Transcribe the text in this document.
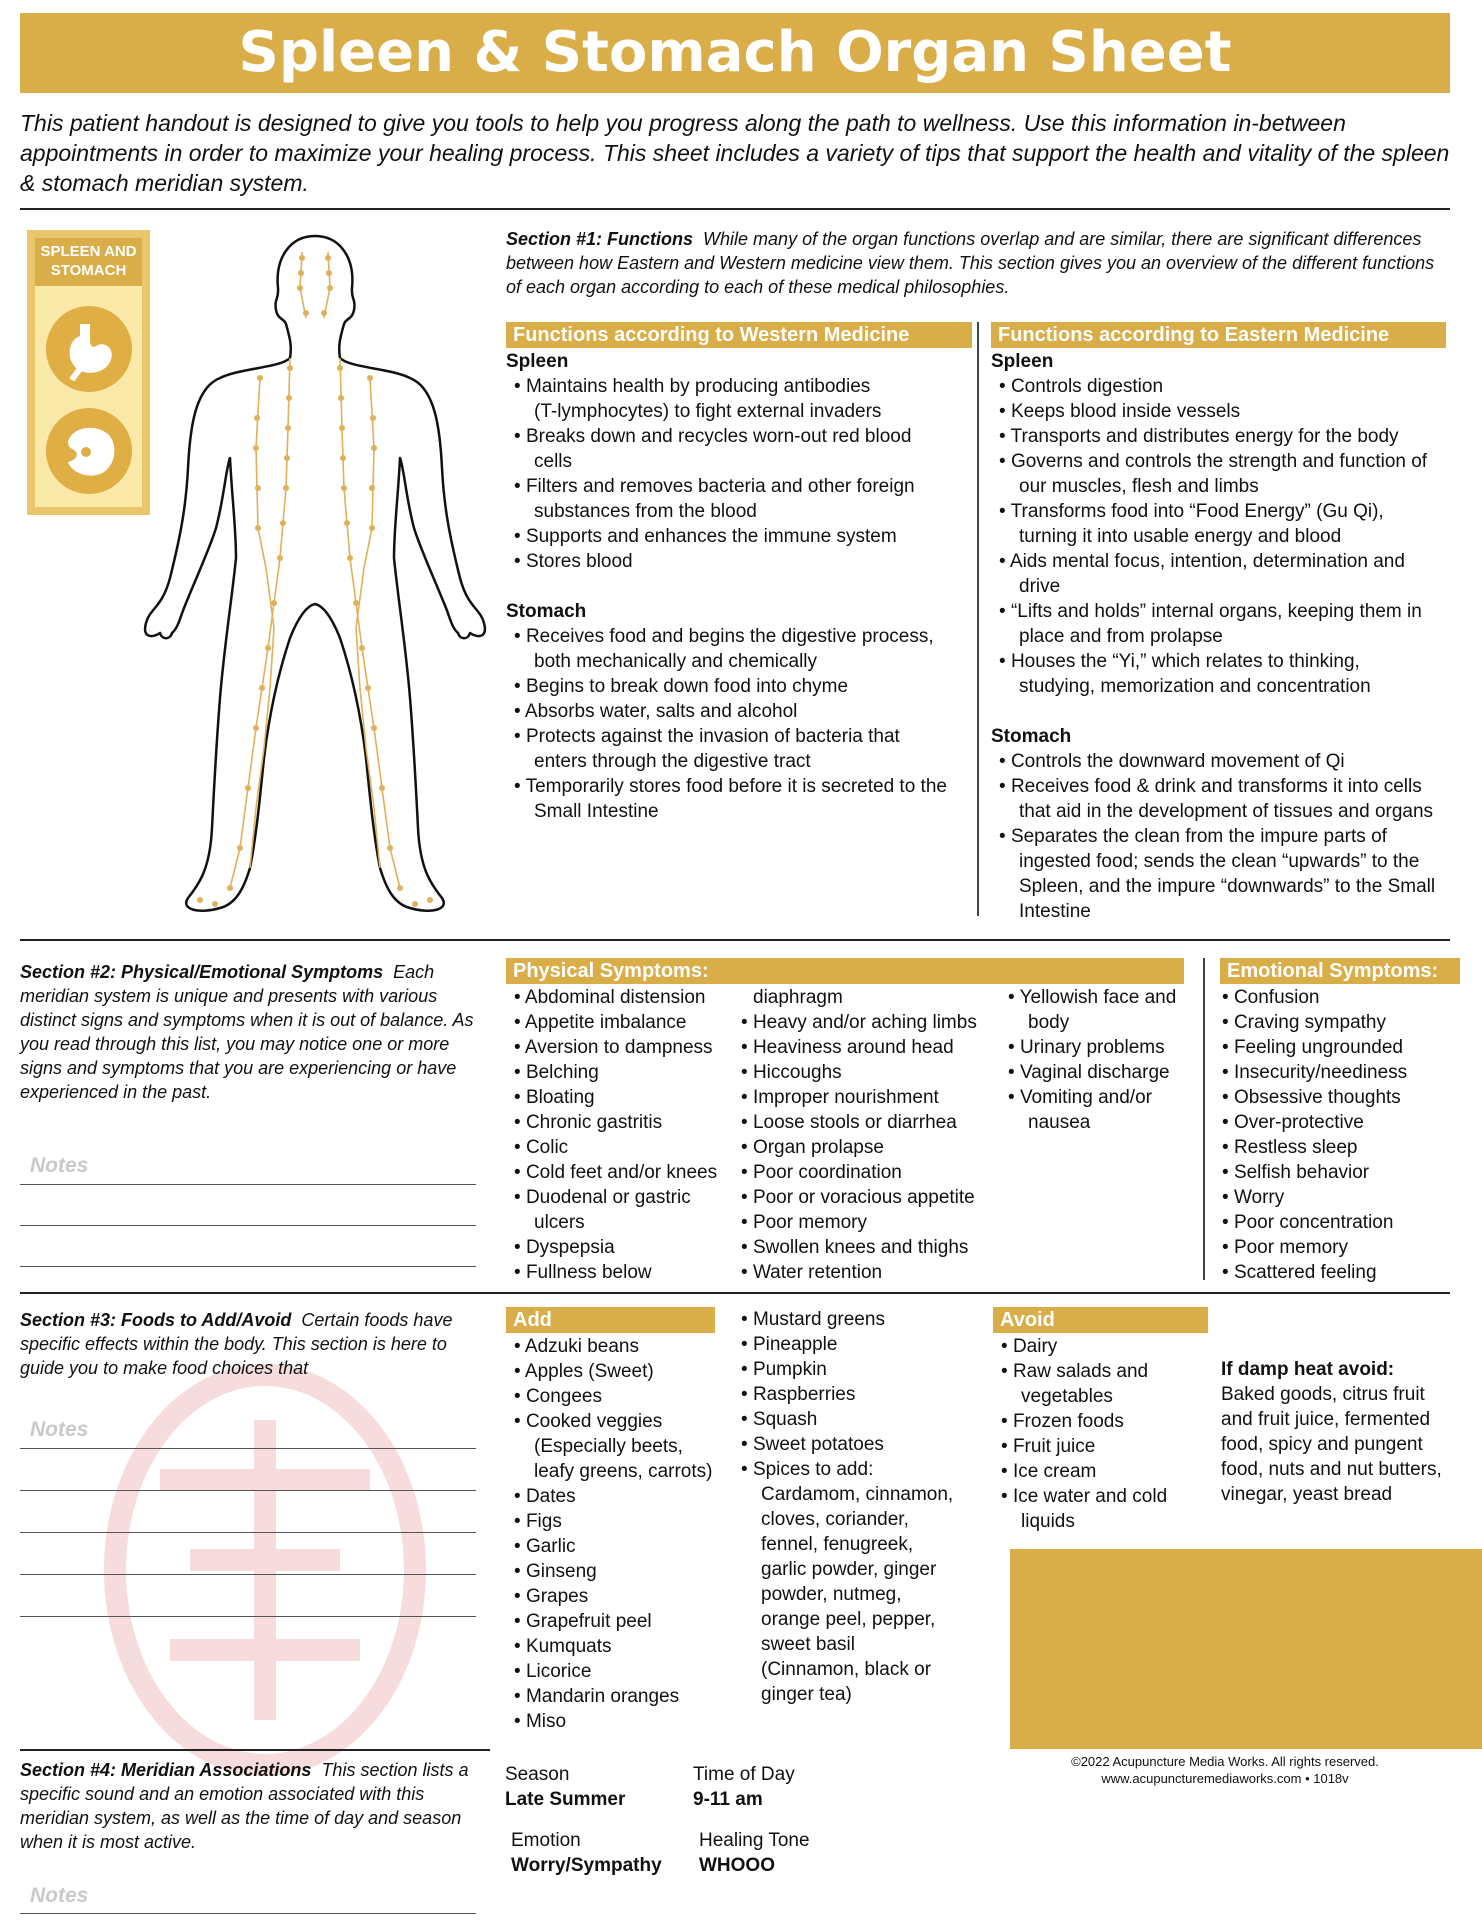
Spleen & Stomach Organ Sheet
This patient handout is designed to give you tools to help you progress along the path to wellness. Use this information in-between appointments in order to maximize your healing process. This sheet includes a variety of tips that support the health and vitality of the spleen & stomach meridian system.
SPLEEN AND
STOMACH
Section #1: Functions While many of the organ functions overlap and are similar, there are significant differences between how Eastern and Western medicine view them. This section gives you an overview of the different functions of each organ according to each of these medical philosophies.
Functions according to Western Medicine
Spleen
• Maintains health by producing antibodies
(T-lymphocytes) to fight external invaders
• Breaks down and recycles worn-out red blood
cells
• Filters and removes bacteria and other foreign
substances from the blood
• Supports and enhances the immune system
• Stores blood
Stomach
• Receives food and begins the digestive process,
both mechanically and chemically
• Begins to break down food into chyme
• Absorbs water, salts and alcohol
• Protects against the invasion of bacteria that
enters through the digestive tract
• Temporarily stores food before it is secreted to the
Small Intestine
Functions according to Eastern Medicine
Spleen
• Controls digestion
• Keeps blood inside vessels
• Transports and distributes energy for the body
• Governs and controls the strength and function of
our muscles, flesh and limbs
• Transforms food into “Food Energy” (Gu Qi),
turning it into usable energy and blood
• Aids mental focus, intention, determination and
drive
• “Lifts and holds” internal organs, keeping them in
place and from prolapse
• Houses the “Yi,” which relates to thinking,
studying, memorization and concentration
Stomach
• Controls the downward movement of Qi
• Receives food & drink and transforms it into cells
that aid in the development of tissues and organs
• Separates the clean from the impure parts of
ingested food; sends the clean “upwards” to the
Spleen, and the impure “downwards” to the Small
Intestine
Section #2: Physical/Emotional Symptoms Each meridian system is unique and presents with various distinct signs and symptoms when it is out of balance. As you read through this list, you may notice one or more signs and symptoms that you are experiencing or have experienced in the past.
Notes
Physical Symptoms:
• Abdominal distension
• Appetite imbalance
• Aversion to dampness
• Belching
• Bloating
• Chronic gastritis
• Colic
• Cold feet and/or knees
• Duodenal or gastric
ulcers
• Dyspepsia
• Fullness below
diaphragm
• Heavy and/or aching limbs
• Heaviness around head
• Hiccoughs
• Improper nourishment
• Loose stools or diarrhea
• Organ prolapse
• Poor coordination
• Poor or voracious appetite
• Poor memory
• Swollen knees and thighs
• Water retention
• Yellowish face and
body
• Urinary problems
• Vaginal discharge
• Vomiting and/or
nausea
Emotional Symptoms:
• Confusion
• Craving sympathy
• Feeling ungrounded
• Insecurity/neediness
• Obsessive thoughts
• Over-protective
• Restless sleep
• Selfish behavior
• Worry
• Poor concentration
• Poor memory
• Scattered feeling
Section #3: Foods to Add/Avoid Certain foods have specific effects within the body. This section is here to guide you to make food choices that
Notes
Add
• Adzuki beans
• Apples (Sweet)
• Congees
• Cooked veggies
(Especially beets,
leafy greens, carrots)
• Dates
• Figs
• Garlic
• Ginseng
• Grapes
• Grapefruit peel
• Kumquats
• Licorice
• Mandarin oranges
• Miso
• Mustard greens
• Pineapple
• Pumpkin
• Raspberries
• Squash
• Sweet potatoes
• Spices to add:
Cardamom, cinnamon,
cloves, coriander,
fennel, fenugreek,
garlic powder, ginger
powder, nutmeg,
orange peel, pepper,
sweet basil
(Cinnamon, black or
ginger tea)
Avoid
• Dairy
• Raw salads and
vegetables
• Frozen foods
• Fruit juice
• Ice cream
• Ice water and cold
liquids
If damp heat avoid:
Baked goods, citrus fruit and fruit juice, fermented food, spicy and pungent food, nuts and nut butters, vinegar, yeast bread
Section #4: Meridian Associations This section lists a specific sound and an emotion associated with this meridian system, as well as the time of day and season when it is most active.
Notes
Season
Late Summer
Time of Day
9-11 am
Emotion
Worry/Sympathy
Healing Tone
WHOOO
©2022 Acupuncture Media Works. All rights reserved.
www.acupuncturemediaworks.com • 1018v
